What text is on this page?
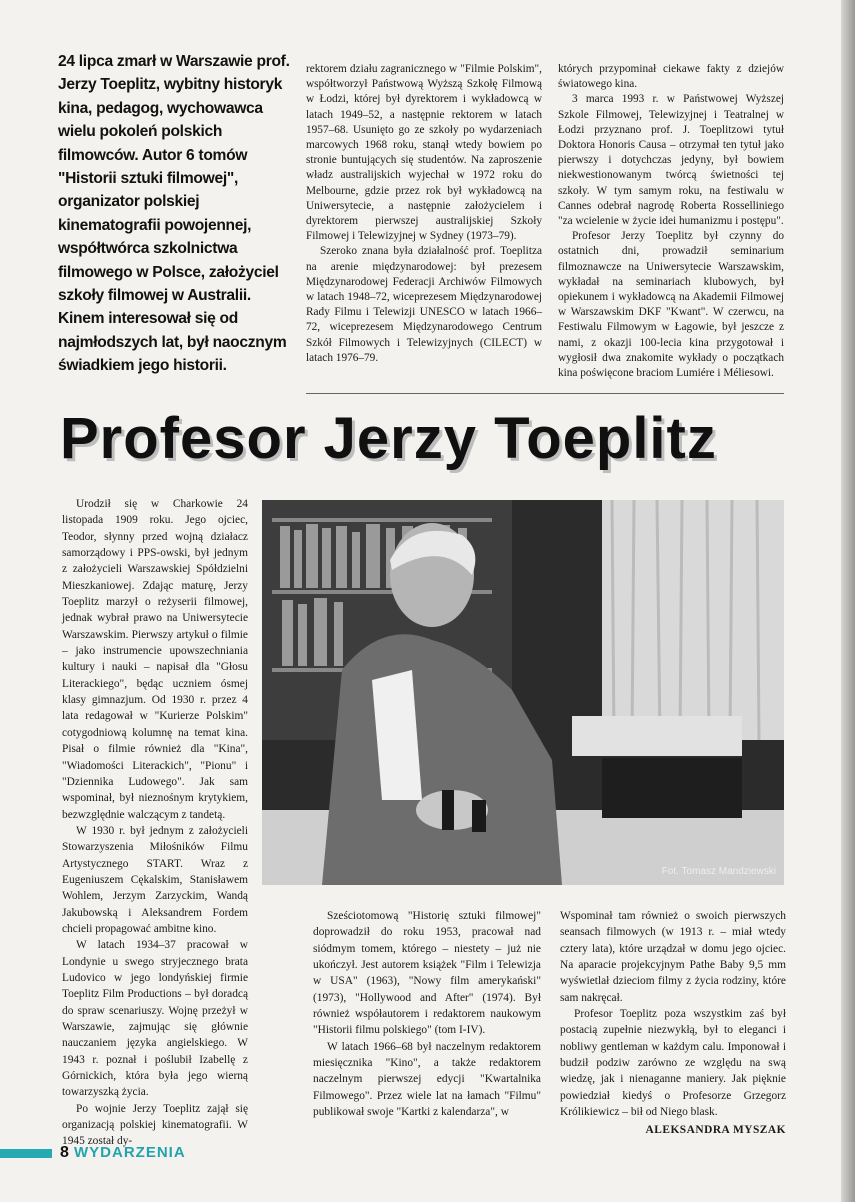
24 lipca zmarł w Warszawie prof. Jerzy Toeplitz, wybitny historyk kina, pedagog, wychowawca wielu pokoleń polskich filmowców. Autor 6 tomów "Historii sztuki filmowej", organizator polskiej kinematografii powojennej, współtwórca szkolnictwa filmowego w Polsce, założyciel szkoły filmowej w Australii. Kinem interesował się od najmłodszych lat, był naocznym świadkiem jego historii.

rektorem działu zagranicznego w "Filmie Polskim", współtworzył Państwową Wyższą Szkołę Filmową w Łodzi, której był dyrektorem i wykładowcą w latach 1949–52, a następnie rektorem w latach 1957–68. Usunięto go ze szkoły po wydarzeniach marcowych 1968 roku, stanął wtedy bowiem po stronie buntujących się studentów. Na zaproszenie władz australijskich wyjechał w 1972 roku do Melbourne, gdzie przez rok był wykładowcą na Uniwersytecie, a następnie założycielem i dyrektorem pierwszej australijskiej Szkoły Filmowej i Telewizyjnej w Sydney (1973–79).

Szeroko znana była działalność prof. Toeplitza na arenie międzynarodowej: był prezesem Międzynarodowej Federacji Archiwów Filmowych w latach 1948–72, wiceprezesem Międzynarodowej Rady Filmu i Telewizji UNESCO w latach 1966–72, wiceprezesem Międzynarodowego Centrum Szkół Filmowych i Telewizyjnych (CILECT) w latach 1976–79.

których przypominał ciekawe fakty z dziejów światowego kina.

3 marca 1993 r. w Państwowej Wyższej Szkole Filmowej, Telewizyjnej i Teatralnej w Łodzi przyznano prof. J. Toeplitzowi tytuł Doktora Honoris Causa – otrzymał ten tytuł jako pierwszy i dotychczas jedyny, był bowiem niekwestionowanym twórcą świetności tej szkoły. W tym samym roku, na festiwalu w Cannes odebrał nagrodę Roberta Rosselliniego "za wcielenie w życie idei humanizmu i postępu".

Profesor Jerzy Toeplitz był czynny do ostatnich dni, prowadził seminarium filmoznawcze na Uniwersytecie Warszawskim, wykładał na seminariach klubowych, był opiekunem i wykładowcą na Akademii Filmowej w Warszawskim DKF "Kwant". W czerwcu, na Festiwalu Filmowym w Łagowie, był jeszcze z nami, z okazji 100-lecia kina przygotował i wygłosił dwa znakomite wykłady o początkach kina poświęcone braciom Lumiére i Méliesowi.

Profesor Jerzy Toeplitz

Urodził się w Charkowie 24 listopada 1909 roku. Jego ojciec, Teodor, słynny przed wojną działacz samorządowy i PPS-owski, był jednym z założycieli Warszawskiej Spółdzielni Mieszkaniowej. Zdając maturę, Jerzy Toeplitz marzył o reżyserii filmowej, jednak wybrał prawo na Uniwersytecie Warszawskim. Pierwszy artykuł o filmie – jako instrumencie upowszechniania kultury i nauki – napisał dla "Głosu Literackiego", będąc uczniem ósmej klasy gimnazjum. Od 1930 r. przez 4 lata redagował w "Kurierze Polskim" cotygodniową kolumnę na temat kina. Pisał o filmie również dla "Kina", "Wiadomości Literackich", "Pionu" i "Dziennika Ludowego". Jak sam wspominał, był nieznośnym krytykiem, bezwzględnie walczącym z tandetą.

W 1930 r. był jednym z założycieli Stowarzyszenia Miłośników Filmu Artystycznego START. Wraz z Eugeniuszem Cękalskim, Stanisławem Wohlem, Jerzym Zarzyckim, Wandą Jakubowską i Aleksandrem Fordem chcieli propagować ambitne kino.

W latach 1934–37 pracował w Londynie u swego stryjecznego brata Ludovico w jego londyńskiej firmie Toeplitz Film Productions – był doradcą do spraw scenariuszy. Wojnę przeżył w Warszawie, zajmując się głównie nauczaniem języka angielskiego. W 1943 r. poznał i poślubił Izabellę z Górnickich, która była jego wierną towarzyszką życia.

Po wojnie Jerzy Toeplitz zajął się organizacją polskiej kinematografii. W 1945 został dy-

Fot. Tomasz Mandziewski

Sześciotomową "Historię sztuki filmowej" doprowadził do roku 1953, pracował nad siódmym tomem, którego – niestety – już nie ukończył. Jest autorem książek "Film i Telewizja w USA" (1963), "Nowy film amerykański" (1973), "Hollywood and After" (1974). Był również współautorem i redaktorem naukowym "Historii filmu polskiego" (tom I-IV).

W latach 1966–68 był naczelnym redaktorem miesięcznika "Kino", a także redaktorem naczelnym pierwszej edycji "Kwartalnika Filmowego". Przez wiele lat na łamach "Filmu" publikował swoje "Kartki z kalendarza", w

Wspominał tam również o swoich pierwszych seansach filmowych (w 1913 r. – miał wtedy cztery lata), które urządzał w domu jego ojciec. Na aparacie projekcyjnym Pathe Baby 9,5 mm wyświetlał dzieciom filmy z życia rodziny, które sam nakręcał.

Profesor Toeplitz poza wszystkim zaś był postacią zupełnie niezwykłą, był to eleganci i nobliwy gentleman w każdym calu. Imponował i budził podziw zarówno ze względu na swą wiedzę, jak i nienaganne maniery. Jak pięknie powiedział kiedyś o Profesorze Grzegorz Królikiewicz – bił od Niego blask.

ALEKSANDRA MYSZAK

8 WYDARZENIA
